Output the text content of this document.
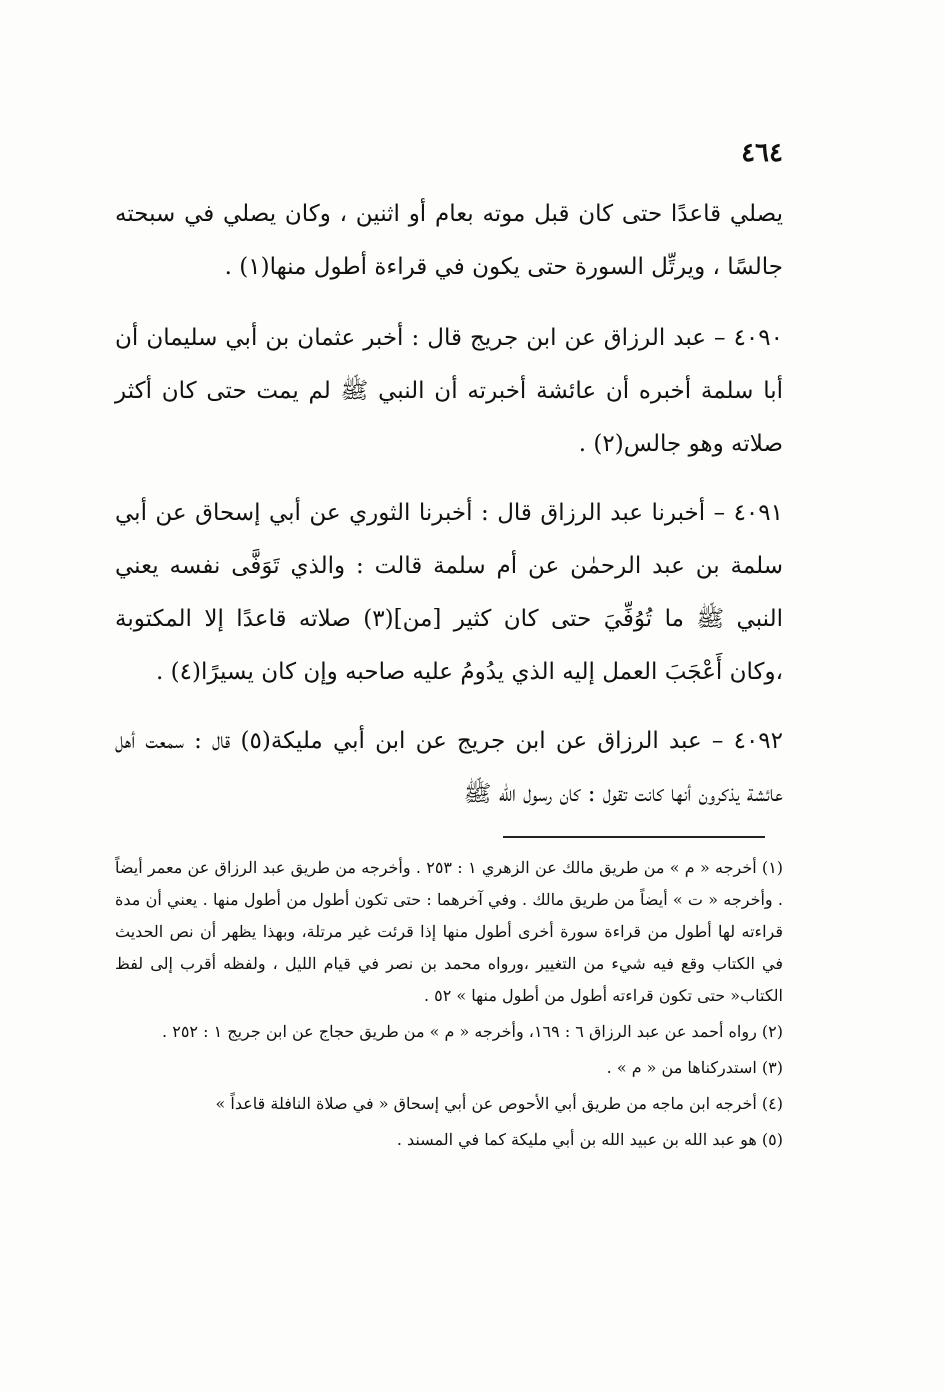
٤٦٤

يصلي قاعدًا حتى كان قبل موته بعام أو اثنين ، وكان يصلي في سبحته جالسًا ، ويرتِّل السورة حتى يكون في قراءة أطول منها(١) .

٤٠٩٠ – عبد الرزاق عن ابن جريج قال : أخبر عثمان بن أبي سليمان أن أبا سلمة أخبره أن عائشة أخبرته أن النبي ﷺ لم يمت حتى كان أكثر صلاته وهو جالس(٢) .

٤٠٩١ – أخبرنا عبد الرزاق قال : أخبرنا الثوري عن أبي إسحاق عن أبي سلمة بن عبد الرحمٰن عن أم سلمة قالت : والذي تَوَفَّى نفسه يعني النبي ﷺ ما تُوُفِّيَ حتى كان كثير [من](٣) صلاته قاعدًا إلا المكتوبة ،وكان أَعْجَبَ العمل إليه الذي يدُومُ عليه صاحبه وإن كان يسيرًا(٤) .

٤٠٩٢ – عبد الرزاق عن ابن جريج عن ابن أبي مليكة(٥) قال : سمعت أهل عائشة يذكرون أنها كانت تقول : كان رسول الله ﷺ

(١) أخرجه « م » من طريق مالك عن الزهري ١ : ٢٥٣ . وأخرجه من طريق عبد الرزاق عن معمر أيضاً . وأخرجه « ت » أيضاً من طريق مالك . وفي آخرهما : حتى تكون أطول من أطول منها . يعني أن مدة قراءته لها أطول من قراءة سورة أخرى أطول منها إذا قرئت غير مرتلة، وبهذا يظهر أن نص الحديث في الكتاب وقع فيه شيء من التغيير ،ورواه محمد بن نصر في قيام الليل ، ولفظه أقرب إلى لفظ الكتاب« حتى تكون قراءته أطول من أطول منها » ٥٢ .

(٢) رواه أحمد عن عبد الرزاق ٦ : ١٦٩، وأخرجه « م » من طريق حجاج عن ابن جريج ١ : ٢٥٢ .

(٣) استدركناها من « م » .

(٤) أخرجه ابن ماجه من طريق أبي الأحوص عن أبي إسحاق « في صلاة النافلة قاعداً »

(٥) هو عبد الله بن عبيد الله بن أبي مليكة كما في المسند .
